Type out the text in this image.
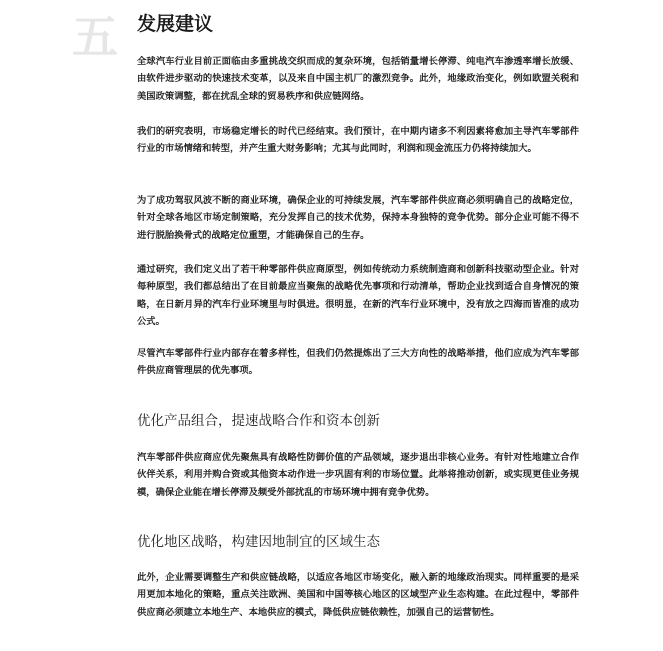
五 发展建议
全球汽车行业目前正面临由多重挑战交织而成的复杂环境，包括销量增长停滞、纯电汽车渗透率增长放缓、由软件进步驱动的快速技术变革，以及来自中国主机厂的激烈竞争。此外，地缘政治变化，例如欧盟关税和美国政策调整，都在扰乱全球的贸易秩序和供应链网络。
我们的研究表明，市场稳定增长的时代已经结束。我们预计，在中期内诸多不利因素将愈加主导汽车零部件行业的市场情绪和转型，并产生重大财务影响；尤其与此同时，利润和现金流压力仍将持续加大。
为了成功驾驭风波不断的商业环境，确保企业的可持续发展，汽车零部件供应商必须明确自己的战略定位，针对全球各地区市场定制策略，充分发挥自己的技术优势，保持本身独特的竞争优势。部分企业可能不得不进行脱胎换骨式的战略定位重塑，才能确保自己的生存。
通过研究，我们定义出了若干种零部件供应商原型，例如传统动力系统制造商和创新科技驱动型企业。针对每种原型，我们都总结出了在目前最应当聚焦的战略优先事项和行动清单，帮助企业找到适合自身情况的策略，在日新月异的汽车行业环境里与时俱进。很明显，在新的汽车行业环境中，没有放之四海而皆准的成功公式。
尽管汽车零部件行业内部存在着多样性，但我们仍然提炼出了三大方向性的战略举措，他们应成为汽车零部件供应商管理层的优先事项。
优化产品组合，提速战略合作和资本创新
汽车零部件供应商应优先聚焦具有战略性防御价值的产品领域，逐步退出非核心业务。有针对性地建立合作伙伴关系，利用并购合资或其他资本动作进一步巩固有利的市场位置。此举将推动创新，或实现更佳业务规模，确保企业能在增长停滞及频受外部扰乱的市场环境中拥有竞争优势。
优化地区战略，构建因地制宜的区域生态
此外，企业需要调整生产和供应链战略，以适应各地区市场变化，融入新的地缘政治现实。同样重要的是采用更加本地化的策略，重点关注欧洲、美国和中国等核心地区的区域型产业生态构建。在此过程中，零部件供应商必须建立本地生产、本地供应的模式，降低供应链依赖性，加强自己的运营韧性。
